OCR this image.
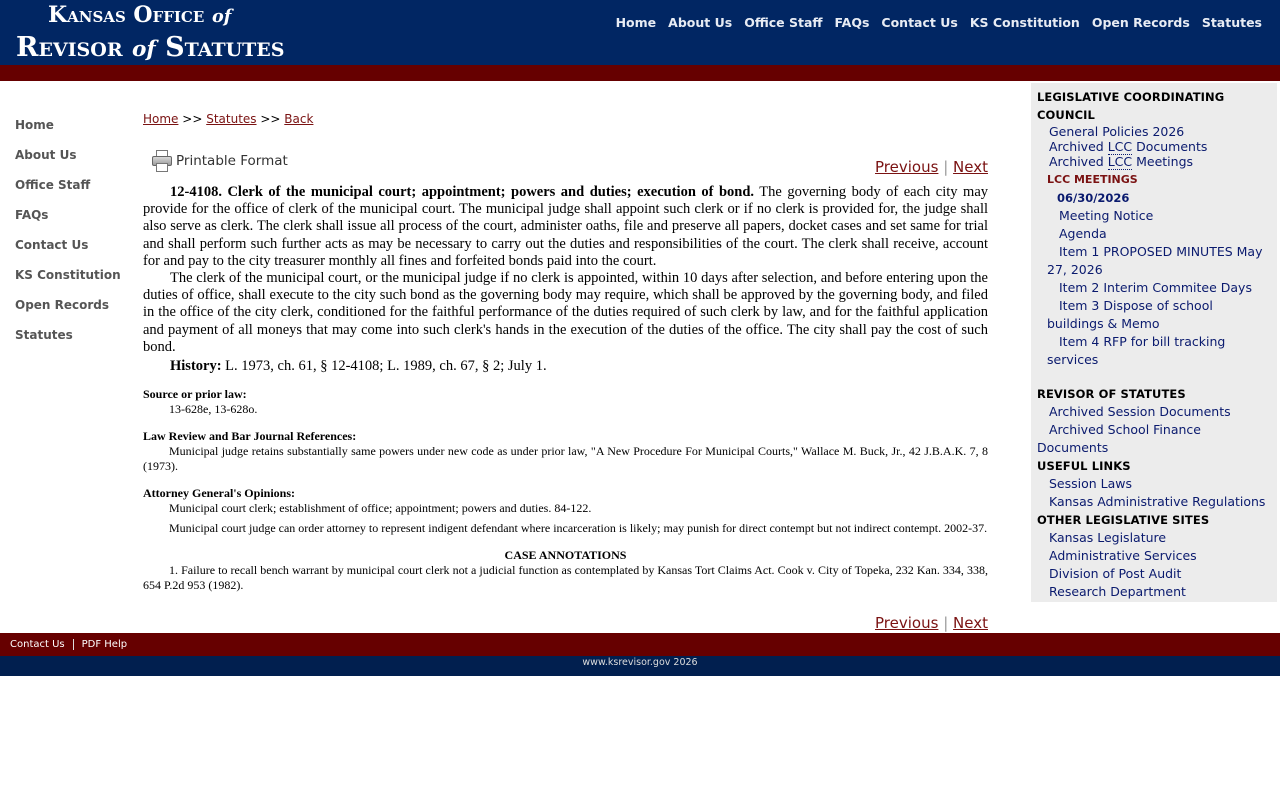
Kansas Office of
Revisor of Statutes
Home About Us Office Staff FAQs Contact Us KS Constitution Open Records Statutes
Home
About Us
Office Staff
FAQs
Contact Us
KS Constitution
Open Records
Statutes
Home >> Statutes >> Back
Printable Format	Previous | Next

12-4108. Clerk of the municipal court; appointment; powers and duties; execution of bond. The governing body of each city may provide for the office of clerk of the municipal court. The municipal judge shall appoint such clerk or if no clerk is provided for, the judge shall also serve as clerk. The clerk shall issue all process of the court, administer oaths, file and preserve all papers, docket cases and set same for trial and shall perform such further acts as may be necessary to carry out the duties and responsibilities of the court. The clerk shall receive, account for and pay to the city treasurer monthly all fines and forfeited bonds paid into the court.

The clerk of the municipal court, or the municipal judge if no clerk is appointed, within 10 days after selection, and before entering upon the duties of office, shall execute to the city such bond as the governing body may require, which shall be approved by the governing body, and filed in the office of the city clerk, conditioned for the faithful performance of the duties required of such clerk by law, and for the faithful application and payment of all moneys that may come into such clerk's hands in the execution of the duties of the office. The city shall pay the cost of such bond.

History: L. 1973, ch. 61, § 12-4108; L. 1989, ch. 67, § 2; July 1.

Source or prior law:
13-628e, 13-628o.
Law Review and Bar Journal References:
Municipal judge retains substantially same powers under new code as under prior law, "A New Procedure For Municipal Courts," Wallace M. Buck, Jr., 42 J.B.A.K. 7, 8 (1973).
Attorney General's Opinions:
Municipal court clerk; establishment of office; appointment; powers and duties. 84-122.
Municipal court judge can order attorney to represent indigent defendant where incarceration is likely; may punish for direct contempt but not indirect contempt. 2002-37.
CASE ANNOTATIONS
1. Failure to recall bench warrant by municipal court clerk not a judicial function as contemplated by Kansas Tort Claims Act. Cook v. City of Topeka, 232 Kan. 334, 338, 654 P.2d 953 (1982).
Previous | Next
LEGISLATIVE COORDINATING COUNCIL
General Policies 2026
Archived LCC Documents
Archived LCC Meetings
LCC MEETINGS
06/30/2026
Meeting Notice
Agenda
Item 1 PROPOSED MINUTES May 27, 2026
Item 2 Interim Commitee Days
Item 3 Dispose of school buildings & Memo
Item 4 RFP for bill tracking services
REVISOR OF STATUTES
Archived Session Documents
Archived School Finance Documents
USEFUL LINKS
Session Laws
Kansas Administrative Regulations
OTHER LEGISLATIVE SITES
Kansas Legislature
Administrative Services
Division of Post Audit
Research Department
Contact Us PDF Help
www.ksrevisor.gov 2026
